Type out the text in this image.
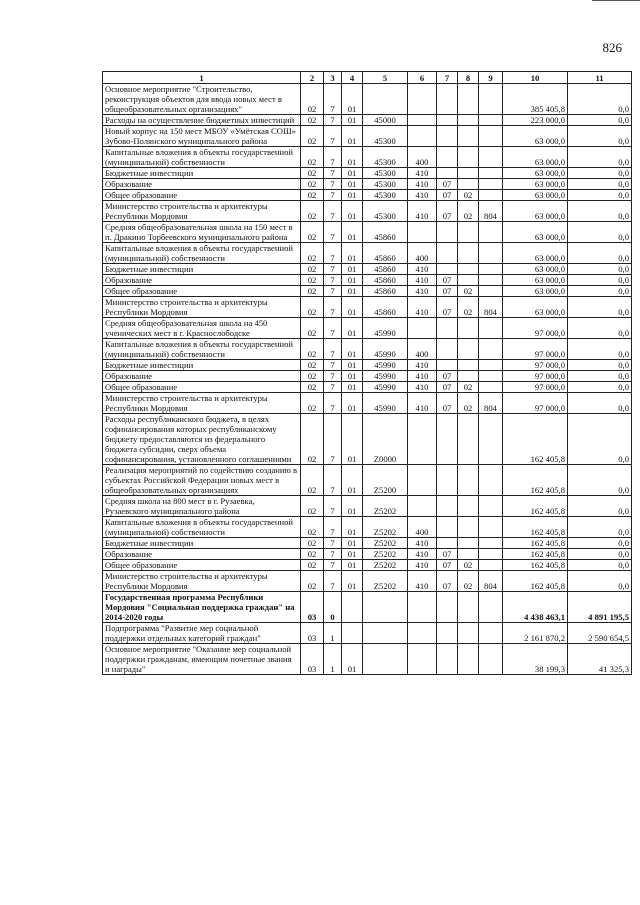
826
1	2	3	4	5	6	7	8	9	10	11
Основное мероприятие "Строительство, реконструкция объектов для ввода новых мест в общеобразовательных организациях"	02	7	01						385 405,8	0,0
Расходы на осуществление бюджетных инвестиций	02	7	01	45000					223 000,0	0,0
Новый корпус на 150 мест МБОУ «Умётская СОШ» Зубово-Полянского муниципального района	02	7	01	45300					63 000,0	0,0
Капитальные вложения в объекты государственной (муниципальной) собственности	02	7	01	45300	400				63 000,0	0,0
Бюджетные инвестиции	02	7	01	45300	410				63 000,0	0,0
Образование	02	7	01	45300	410	07			63 000,0	0,0
Общее образование	02	7	01	45300	410	07	02		63 000,0	0,0
Министерство строительства и архитектуры Республики Мордовия	02	7	01	45300	410	07	02	804	63 000,0	0,0
Средняя общеобразовательная школа на 150 мест в п. Дракино Торбеевского муниципального района	02	7	01	45860					63 000,0	0,0
Капитальные вложения в объекты государственной (муниципальной) собственности	02	7	01	45860	400				63 000,0	0,0
Бюджетные инвестиции	02	7	01	45860	410				63 000,0	0,0
Образование	02	7	01	45860	410	07			63 000,0	0,0
Общее образование	02	7	01	45860	410	07	02		63 000,0	0,0
Министерство строительства и архитектуры Республики Мордовия	02	7	01	45860	410	07	02	804	63 000,0	0,0
Средняя общеобразовательная школа на 450 ученических мест в г. Краснослободске	02	7	01	45990					97 000,0	0,0
Капитальные вложения в объекты государственной (муниципальной) собственности	02	7	01	45990	400				97 000,0	0,0
Бюджетные инвестиции	02	7	01	45990	410				97 000,0	0,0
Образование	02	7	01	45990	410	07			97 000,0	0,0
Общее образование	02	7	01	45990	410	07	02		97 000,0	0,0
Министерство строительства и архитектуры Республики Мордовия	02	7	01	45990	410	07	02	804	97 000,0	0,0
Расходы республиканского бюджета, в целях софинансирования которых республиканскому бюджету предоставляются из федерального бюджета субсидии, сверх объема софинансирования, установленного соглашениями	02	7	01	Z0000					162 405,8	0,0
Реализация мероприятий по содействию созданию в субъектах Российской Федерации новых мест в общеобразовательных организациях	02	7	01	Z5200					162 405,8	0,0
Средняя школа на 800 мест в г. Рузаевка, Рузаевского муниципального района	02	7	01	Z5202					162 405,8	0,0
Капитальные вложения в объекты государственной (муниципальной) собственности	02	7	01	Z5202	400				162 405,8	0,0
Бюджетные инвестиции	02	7	01	Z5202	410				162 405,8	0,0
Образование	02	7	01	Z5202	410	07			162 405,8	0,0
Общее образование	02	7	01	Z5202	410	07	02		162 405,8	0,0
Министерство строительства и архитектуры Республики Мордовия	02	7	01	Z5202	410	07	02	804	162 405,8	0,0
Государственная программа Республики Мордовия "Социальная поддержка граждан" на 2014-2020 годы	03	0							4 438 463,1	4 891 195,5
Подпрограмма "Развитие мер социальной поддержки отдельных категорий граждан"	03	1							2 161 870,2	2 590 654,5
Основное мероприятие "Оказание мер социальной поддержки гражданам, имеющим почетные звания и награды"	03	1	01						38 199,3	41 325,3
